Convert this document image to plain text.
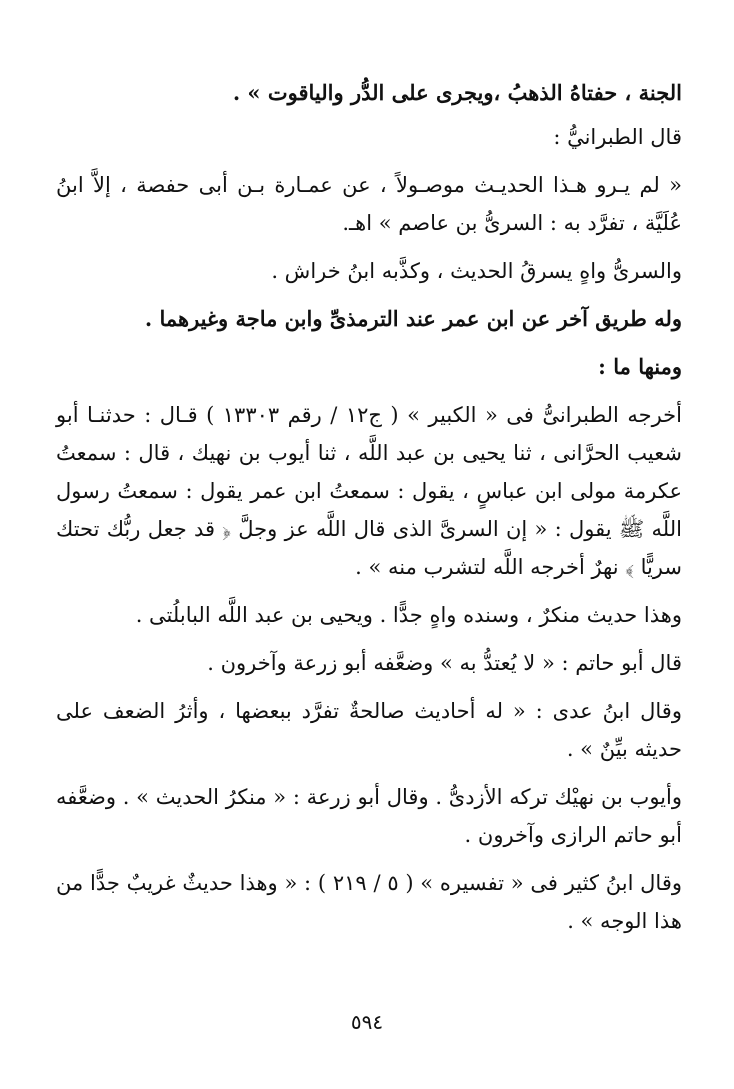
الجنة ، حفتاهُ الذهبُ ،ويجرى على الدُّر والياقوت » .

قال الطبرانيُّ :

« لم يـرو هـذا الحديـث موصـولاً ، عن عمـارة بـن أبى حفصة ، إلاَّ ابنُ عُلَيَّة ، تفرَّد به : السرىُّ بن عاصم » اهـ.

والسرىُّ واهٍ يسرقُ الحديث ، وكذَّبه ابنُ خراش .

وله طريق آخر عن ابن عمر عند الترمذىِّ وابن ماجة وغيرهما .

ومنها ما :

أخرجه الطبرانىُّ فى « الكبير » ( ج١٢ / رقم ١٣٣٠٣ ) قـال : حدثنـا أبو شعيب الحرَّانى ، ثنا يحيى بن عبد اللَّه ، ثنا أيوب بن نهيك ، قال : سمعتُ عكرمة مولى ابن عباسٍ ، يقول : سمعتُ ابن عمر يقول : سمعتُ رسول اللَّه ﷺ يقول : « إن السرىَّ الذى قال اللَّه عز وجلَّ ﴿ قد جعل ربُّك تحتك سريًّا ﴾ نهرٌ أخرجه اللَّه لتشرب منه » .

وهذا حديث منكرٌ ، وسنده واهٍ جدًّا . ويحيى بن عبد اللَّه البابلُتى .

قال أبو حاتم : « لا يُعتدُّ به » وضعَّفه أبو زرعة وآخرون .

وقال ابنُ عدى : « له أحاديث صالحةٌ تفرَّد ببعضها ، وأثرُ الضعف على حديثه بيِّنٌ » .

وأيوب بن نهيْك تركه الأزدىُّ . وقال أبو زرعة : « منكرُ الحديث » . وضعَّفه أبو حاتم الرازى وآخرون .

وقال ابنُ كثير فى « تفسيره » ( ٥ / ٢١٩ ) : « وهذا حديثٌ غريبٌ جدًّا من هذا الوجه » .

٥٩٤
